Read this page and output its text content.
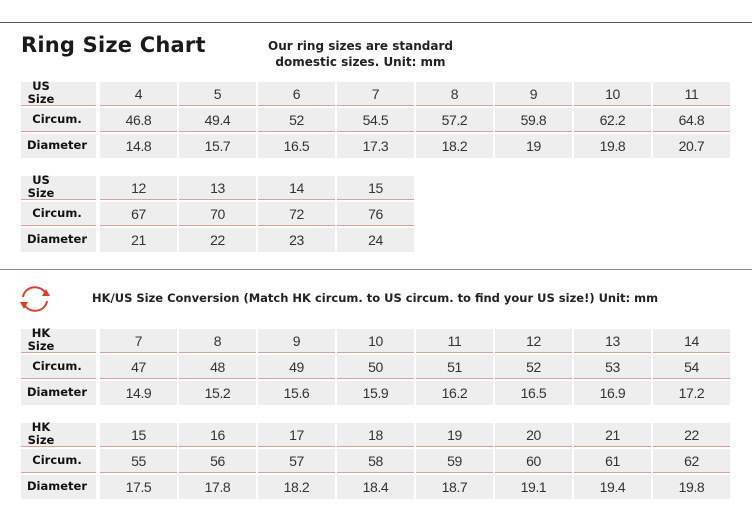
Ring Size Chart	Our ring sizes are standard
domestic sizes. Unit: mm
US Size	4	5	6	7	8	9	10	11
Circum.	46.8	49.4	52	54.5	57.2	59.8	62.2	64.8
Diameter	14.8	15.7	16.5	17.3	18.2	19	19.8	20.7
US Size	12	13	14	15
Circum.	67	70	72	76
Diameter	21	22	23	24
HK/US Size Conversion (Match HK circum. to US circum. to find your US size!) Unit: mm
HK Size	7	8	9	10	11	12	13	14
Circum.	47	48	49	50	51	52	53	54
Diameter	14.9	15.2	15.6	15.9	16.2	16.5	16.9	17.2
HK Size	15	16	17	18	19	20	21	22
Circum.	55	56	57	58	59	60	61	62
Diameter	17.5	17.8	18.2	18.4	18.7	19.1	19.4	19.8
